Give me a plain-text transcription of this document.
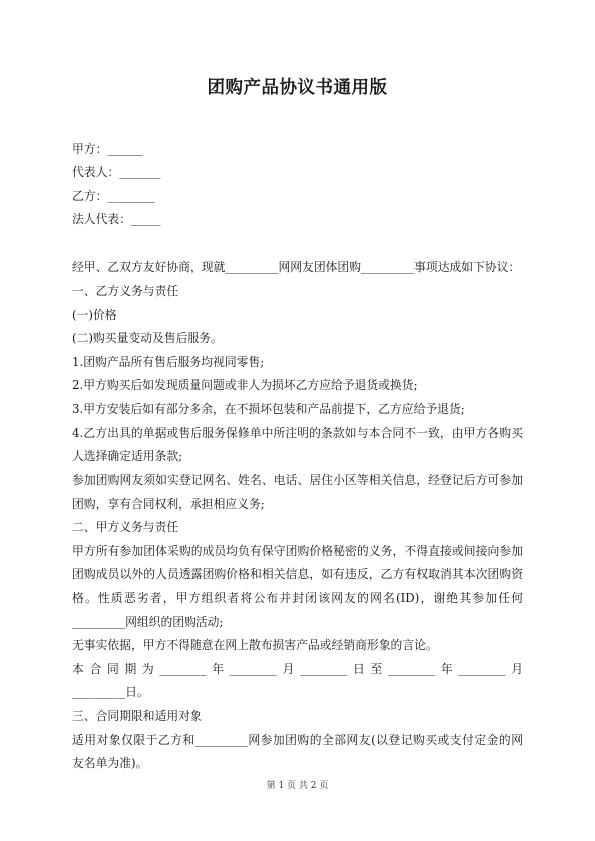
团购产品协议书通用版
甲方：______
代表人：_______
乙方：________
法人代表：_____
经甲、乙双方友好协商，现就_________网网友团体团购_________事项达成如下协议：
一、乙方义务与责任
(一)价格
(二)购买量变动及售后服务。
1.团购产品所有售后服务均视同零售;
2.甲方购买后如发现质量问题或非人为损坏乙方应给予退货或换货;
3.甲方安装后如有部分多余，在不损坏包装和产品前提下，乙方应给予退货;
4.乙方出具的单据或售后服务保修单中所注明的条款如与本合同不一致，由甲方各购买
人选择确定适用条款;
参加团购网友须如实登记网名、姓名、电话、居住小区等相关信息，经登记后方可参加
团购，享有合同权利，承担相应义务;
二、甲方义务与责任
甲方所有参加团体采购的成员均负有保守团购价格秘密的义务，不得直接或间接向参加
团购成员以外的人员透露团购价格和相关信息，如有违反，乙方有权取消其本次团购资
格。性质恶劣者，甲方组织者将公布并封闭该网友的网名(ID)，谢绝其参加任何
_________网组织的团购活动;
无事实依据，甲方不得随意在网上散布损害产品或经销商形象的言论。
本合同期为________年________月________日至________年________月
_________日。
三、合同期限和适用对象
适用对象仅限于乙方和_________网参加团购的全部网友(以登记购买或支付定金的网
友名单为准)。
第 1 页 共 2 页
